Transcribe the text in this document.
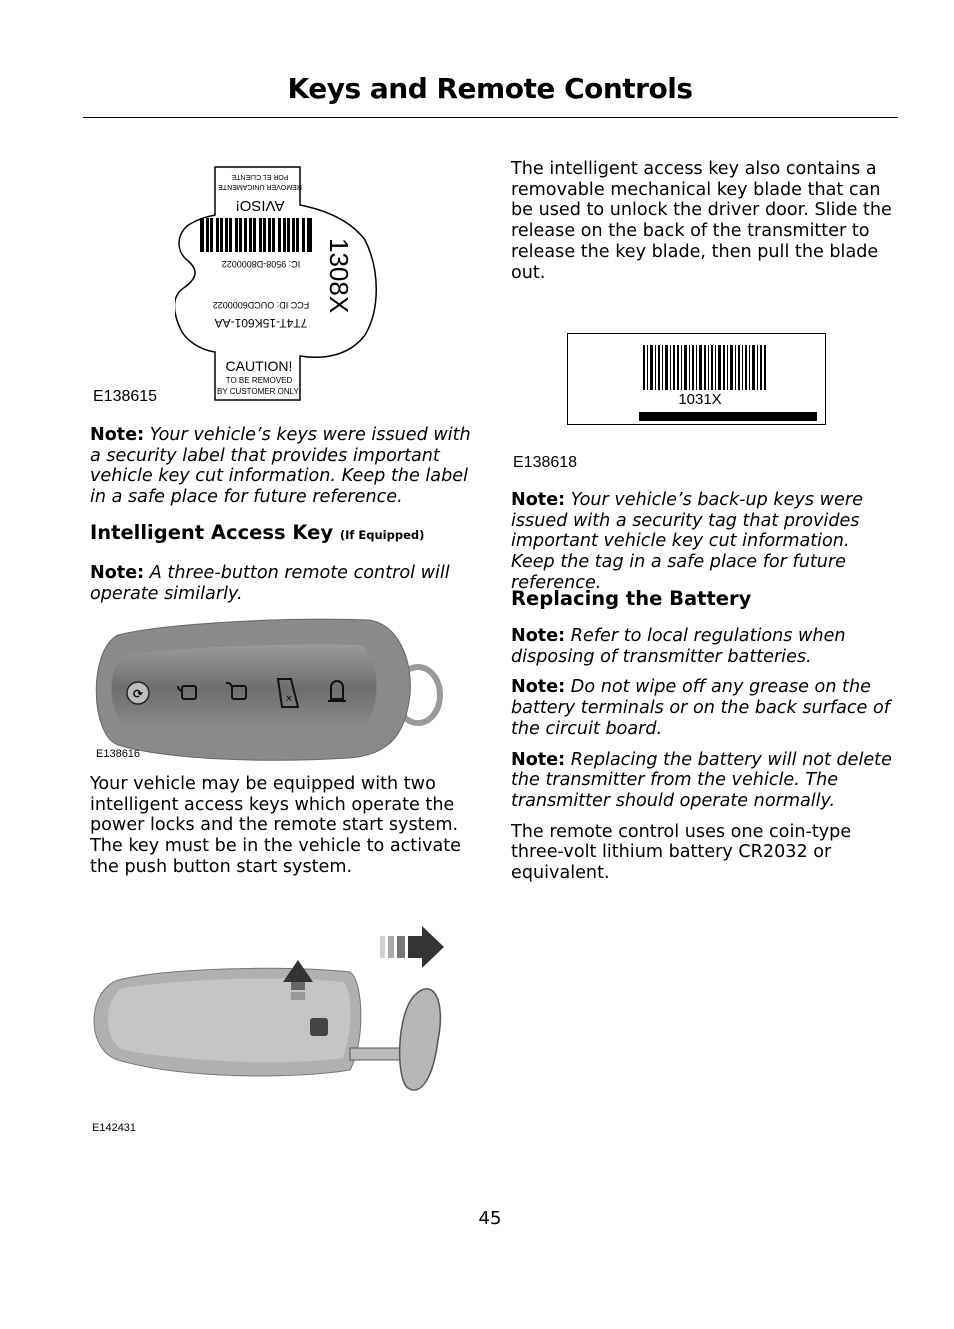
Keys and Remote Controls
AVISO!
REMOVER UNICAMENTE
POR EL CLIENTE
IC: 9508-D8000022
FCC ID: OUCD6000022
7T4T-15K601-AA
1308X
CAUTION!
TO BE REMOVED
BY CUSTOMER ONLY!
E138615

Note: Your vehicle’s keys were issued with a security label that provides important vehicle key cut information. Keep the label in a safe place for future reference.

Intelligent Access Key (If Equipped)

Note: A three-button remote control will operate similarly.

⟳	×
E138616

Your vehicle may be equipped with two intelligent access keys which operate the power locks and the remote start system. The key must be in the vehicle to activate the push button start system.

E142431

The intelligent access key also contains a removable mechanical key blade that can be used to unlock the driver door. Slide the release on the back of the transmitter to release the key blade, then pull the blade out.

1031X
E138618

Note: Your vehicle’s back-up keys were issued with a security tag that provides important vehicle key cut information. Keep the tag in a safe place for future reference.

Replacing the Battery

Note: Refer to local regulations when disposing of transmitter batteries.

Note: Do not wipe off any grease on the battery terminals or on the back surface of the circuit board.

Note: Replacing the battery will not delete the transmitter from the vehicle. The transmitter should operate normally.

The remote control uses one coin-type three-volt lithium battery CR2032 or equivalent.

45
